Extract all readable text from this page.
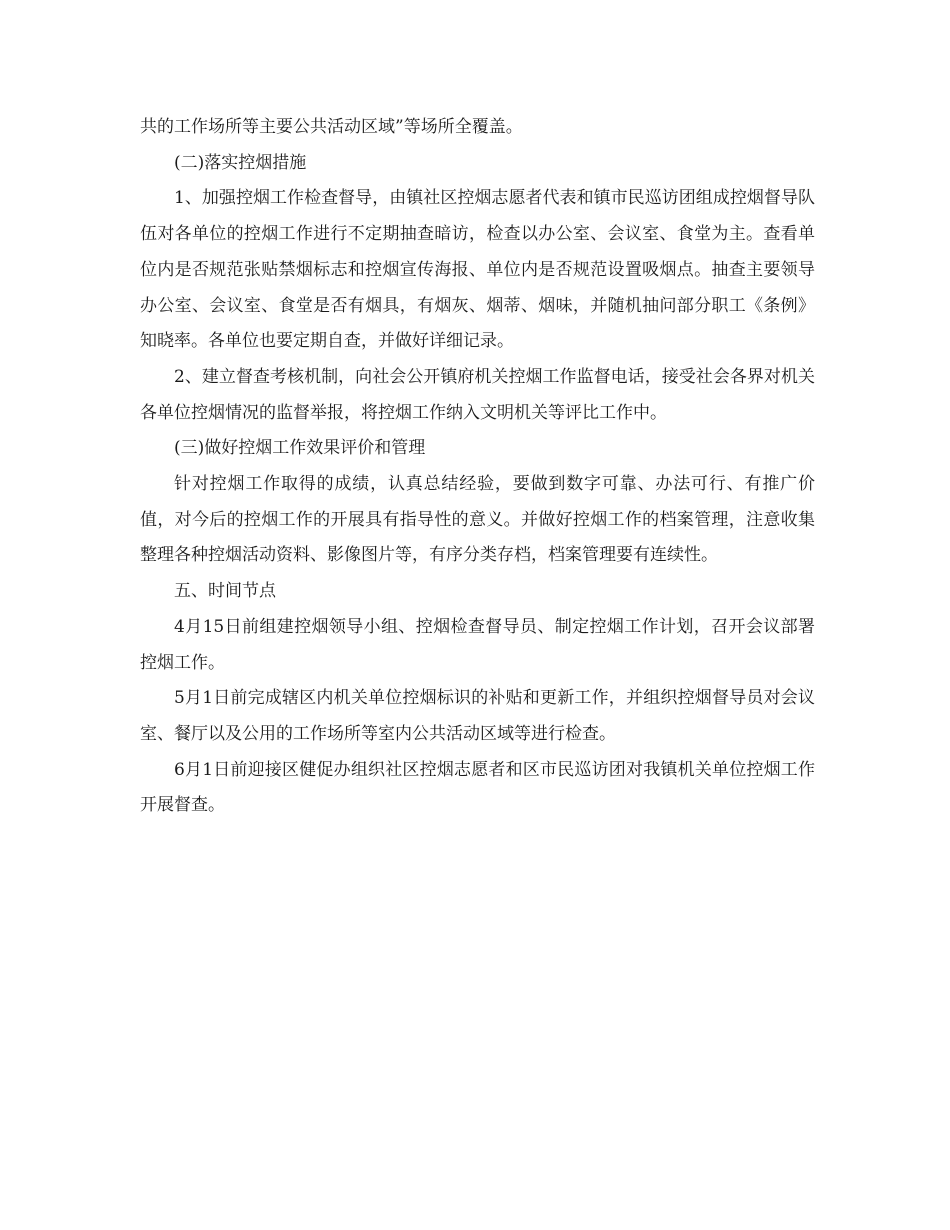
共的工作场所等主要公共活动区域”等场所全覆盖。

(二)落实控烟措施

1、加强控烟工作检查督导，由镇社区控烟志愿者代表和镇市民巡访团组成控烟督导队伍对各单位的控烟工作进行不定期抽查暗访，检查以办公室、会议室、食堂为主。查看单位内是否规范张贴禁烟标志和控烟宣传海报、单位内是否规范设置吸烟点。抽查主要领导办公室、会议室、食堂是否有烟具，有烟灰、烟蒂、烟味，并随机抽问部分职工《条例》知晓率。各单位也要定期自查，并做好详细记录。

2、建立督查考核机制，向社会公开镇府机关控烟工作监督电话，接受社会各界对机关各单位控烟情况的监督举报，将控烟工作纳入文明机关等评比工作中。

(三)做好控烟工作效果评价和管理

针对控烟工作取得的成绩，认真总结经验，要做到数字可靠、办法可行、有推广价值，对今后的控烟工作的开展具有指导性的意义。并做好控烟工作的档案管理，注意收集整理各种控烟活动资料、影像图片等，有序分类存档，档案管理要有连续性。

五、时间节点

4月15日前组建控烟领导小组、控烟检查督导员、制定控烟工作计划，召开会议部署控烟工作。

5月1日前完成辖区内机关单位控烟标识的补贴和更新工作，并组织控烟督导员对会议室、餐厅以及公用的工作场所等室内公共活动区域等进行检查。

6月1日前迎接区健促办组织社区控烟志愿者和区市民巡访团对我镇机关单位控烟工作开展督查。
